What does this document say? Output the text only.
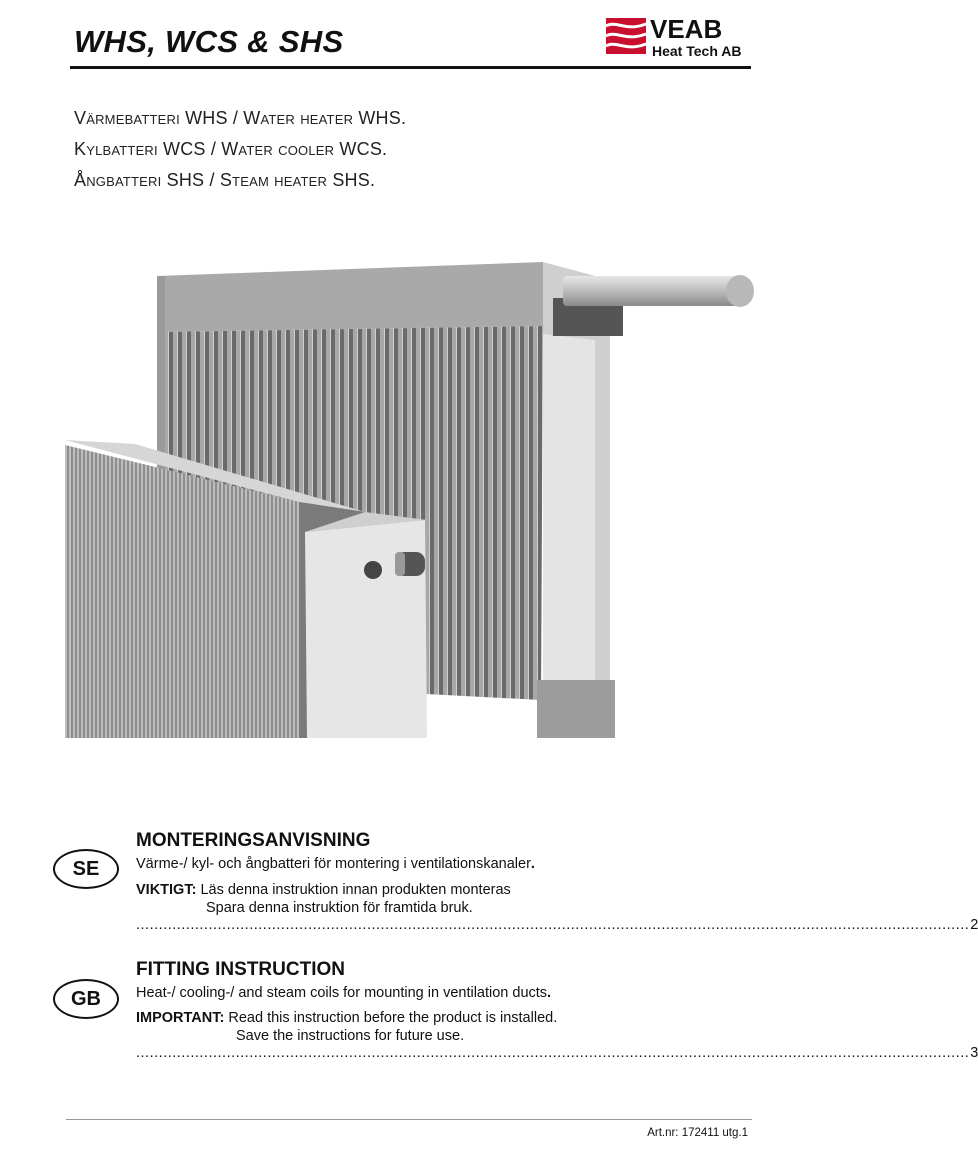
WHS, WCS & SHS	VEAB
Heat Tech AB
Värmebatteri WHS / Water heater WHS.
Kylbatteri WCS / Water cooler WCS.
Ångbatteri SHS / Steam heater SHS.
SE
MONTERINGSANVISNING
Värme-/ kyl- och ångbatteri för montering i ventilationskanaler.
VIKTIGT: Läs denna instruktion innan produkten monteras
Spara denna instruktion för framtida bruk.
........................................................................................................................................................................................ 2
GB
FITTING INSTRUCTION
Heat-/ cooling-/ and steam coils for mounting in ventilation ducts.
IMPORTANT: Read this instruction before the product is installed.
Save the instructions for future use.
........................................................................................................................................................................................ 3
Art.nr: 172411 utg.1
